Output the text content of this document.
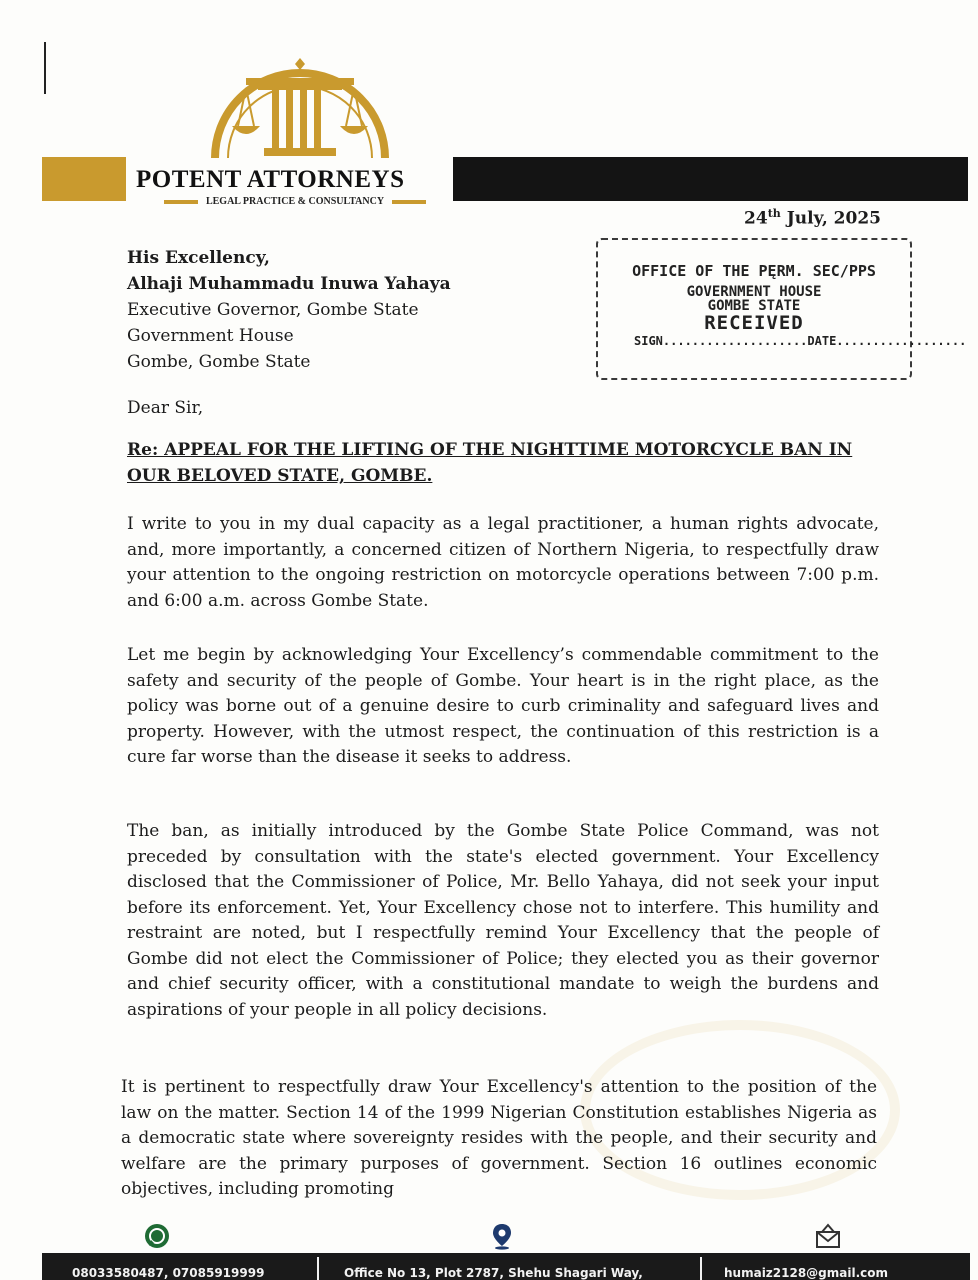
POTENT ATTORNEYS
LEGAL PRACTICE & CONSULTANCY
24th July, 2025
His Excellency,
Alhaji Muhammadu Inuwa Yahaya
Executive Governor, Gombe State
Government House
Gombe, Gombe State
OFFICE OF THE PĘRM. SEC/PPS
GOVERNMENT HOUSE
GOMBE STATE
RECEIVED
SIGN....................DATE..................
Dear Sir,
Re: APPEAL FOR THE LIFTING OF THE NIGHTTIME MOTORCYCLE BAN IN OUR BELOVED STATE, GOMBE.
I write to you in my dual capacity as a legal practitioner, a human rights advocate, and, more importantly, a concerned citizen of Northern Nigeria, to respectfully draw your attention to the ongoing restriction on motorcycle operations between 7:00 p.m. and 6:00 a.m. across Gombe State.
Let me begin by acknowledging Your Excellency’s commendable commitment to the safety and security of the people of Gombe. Your heart is in the right place, as the policy was borne out of a genuine desire to curb criminality and safeguard lives and property. However, with the utmost respect, the continuation of this restriction is a cure far worse than the disease it seeks to address.
The ban, as initially introduced by the Gombe State Police Command, was not preceded by consultation with the state's elected government. Your Excellency disclosed that the Commissioner of Police, Mr. Bello Yahaya, did not seek your input before its enforcement. Yet, Your Excellency chose not to interfere. This humility and restraint are noted, but I respectfully remind Your Excellency that the people of Gombe did not elect the Commissioner of Police; they elected you as their governor and chief security officer, with a constitutional mandate to weigh the burdens and aspirations of your people in all policy decisions.
It is pertinent to respectfully draw Your Excellency's attention to the position of the law on the matter. Section 14 of the 1999 Nigerian Constitution establishes Nigeria as a democratic state where sovereignty resides with the people, and their security and welfare are the primary purposes of government. Section 16 outlines economic objectives, including promoting
08033580487, 07085919999	Office No 13, Plot 2787, Shehu Shagari Way,	humaiz2128@gmail.com
